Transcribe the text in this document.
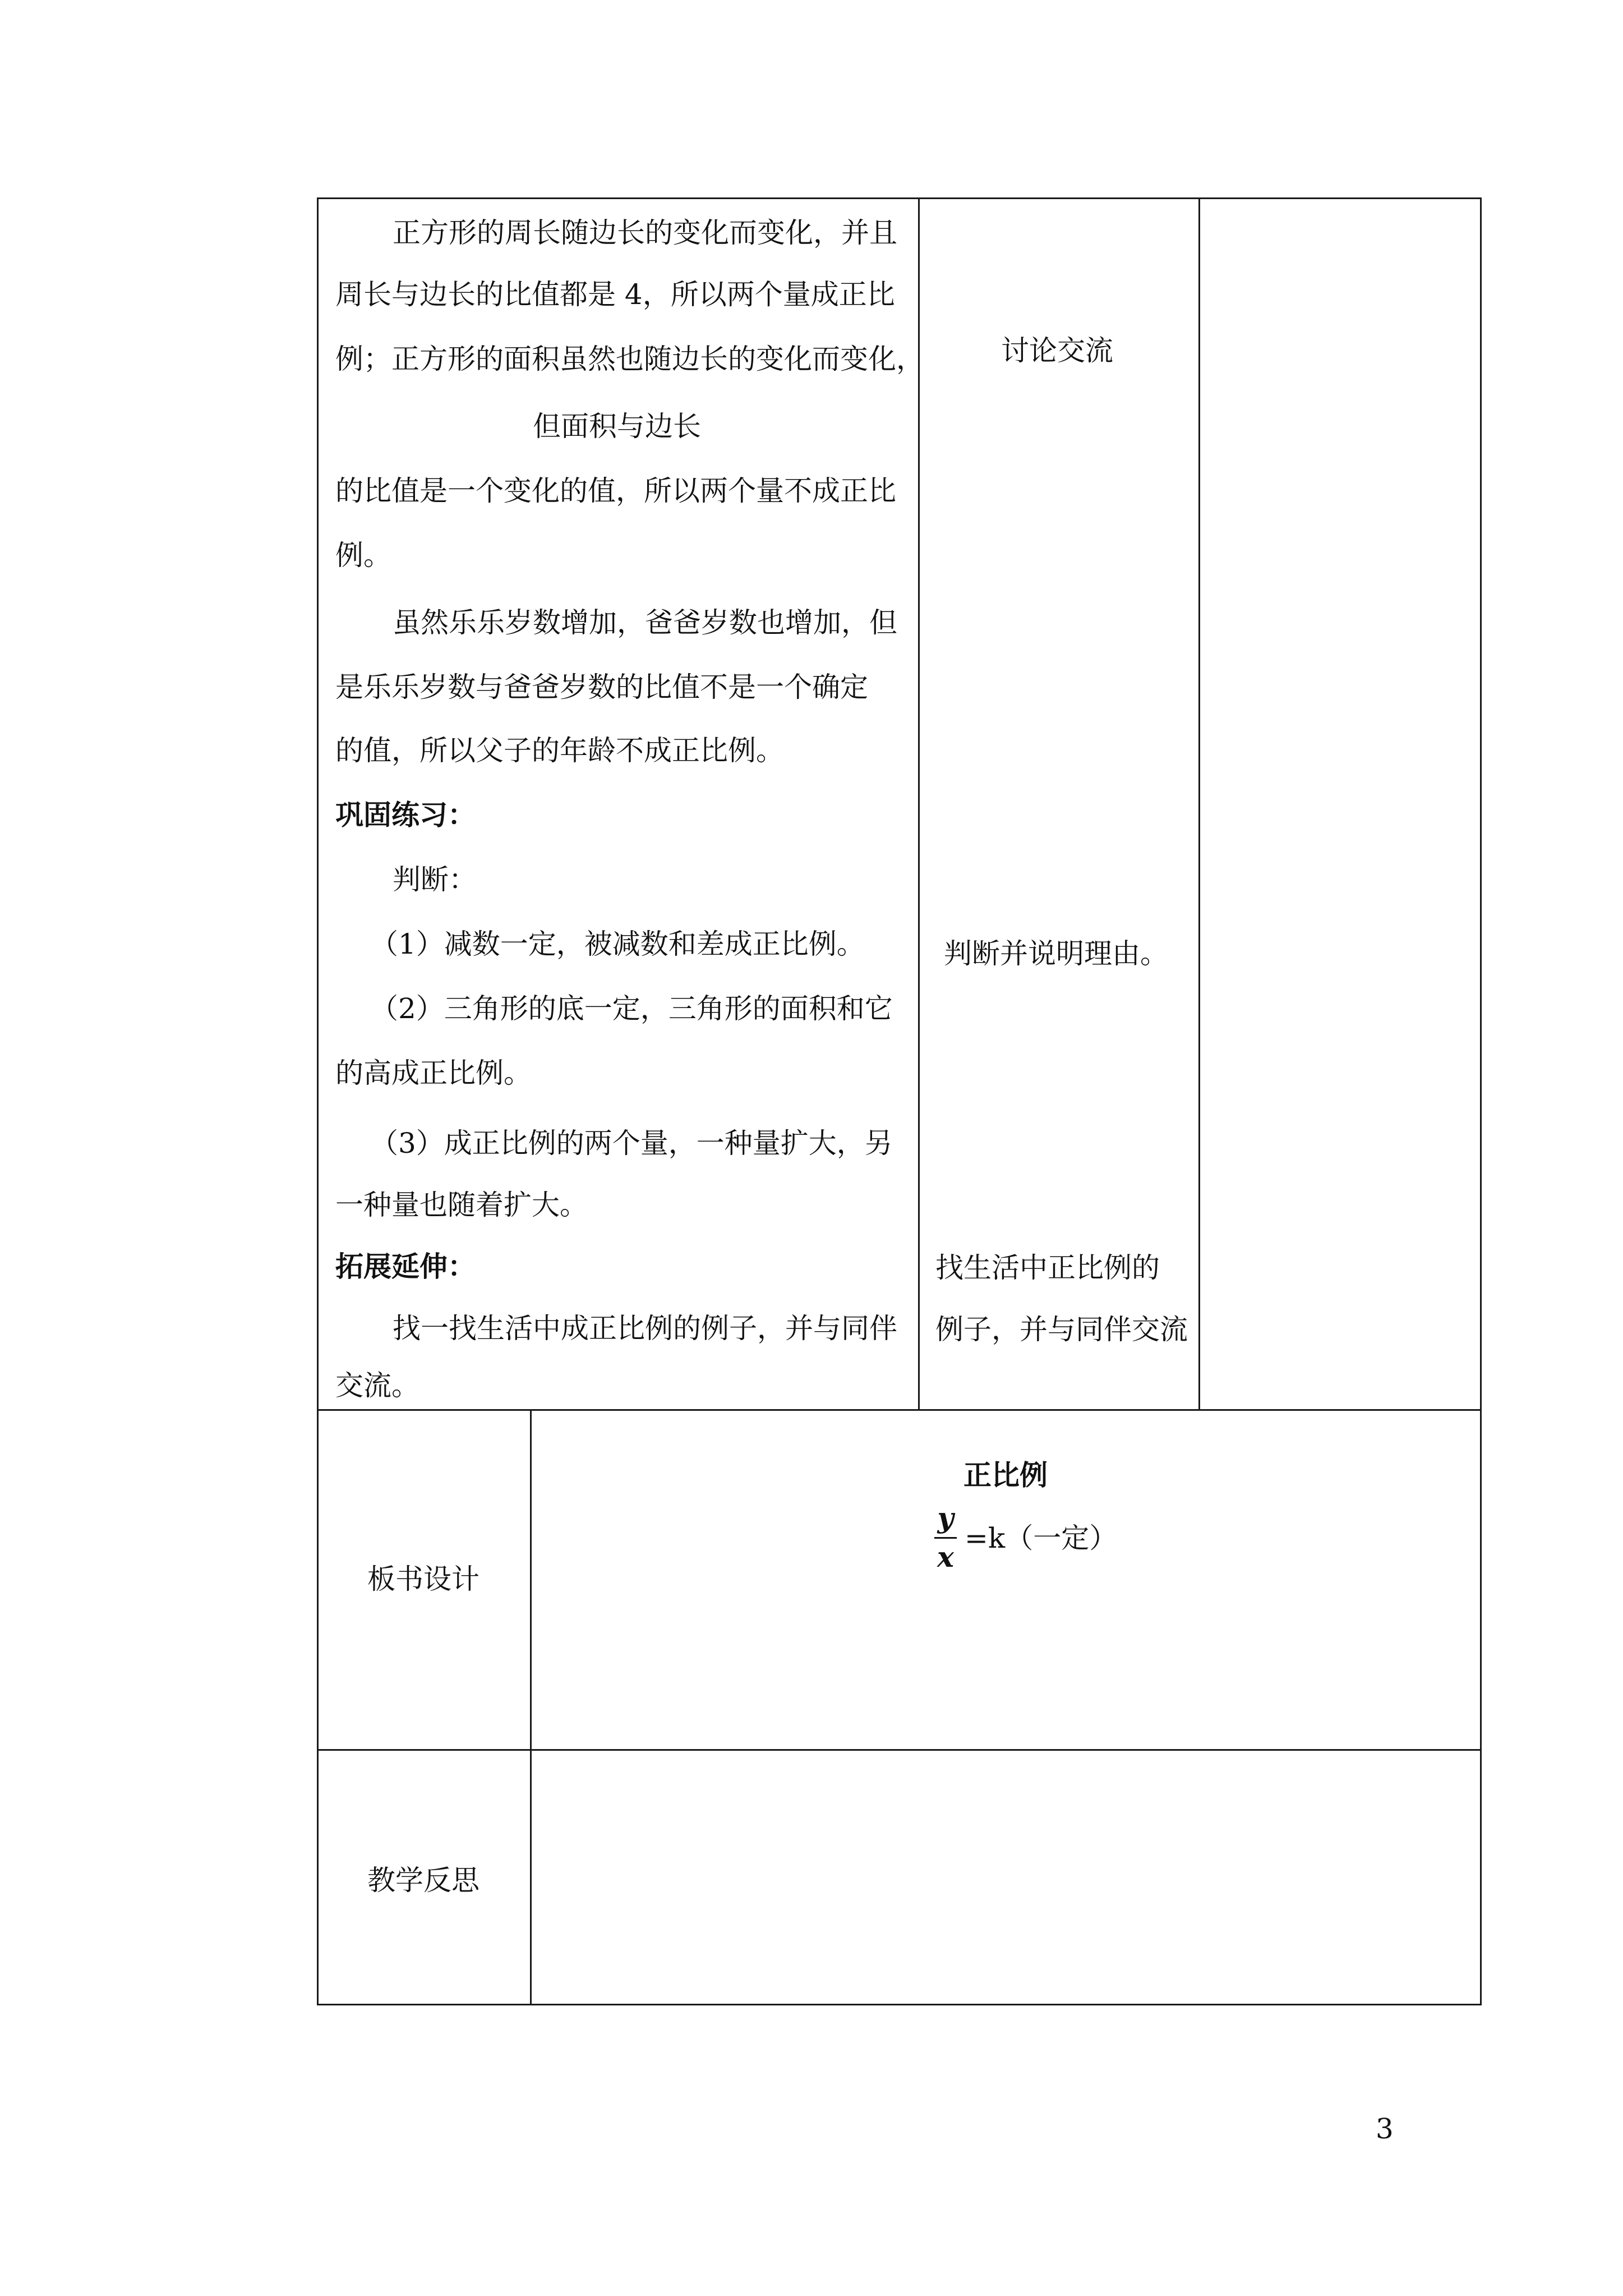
正方形的周长随边长的变化而变化，并且
周长与边长的比值都是 4，所以两个量成正比
例；正方形的面积虽然也随边长的变化而变化，
但面积与边长
的比值是一个变化的值，所以两个量不成正比
例。
虽然乐乐岁数增加，爸爸岁数也增加，但
是乐乐岁数与爸爸岁数的比值不是一个确定
的值，所以父子的年龄不成正比例。
巩固练习：
判断：
（1）减数一定，被减数和差成正比例。
（2）三角形的底一定，三角形的面积和它
的高成正比例。
（3）成正比例的两个量，一种量扩大，另
一种量也随着扩大。
拓展延伸：
找一找生活中成正比例的例子，并与同伴
交流。
讨论交流
判断并说明理由。
找生活中正比例的
例子，并与同伴交流
板书设计
正比例
y
x
=k（一定）
教学反思
3
